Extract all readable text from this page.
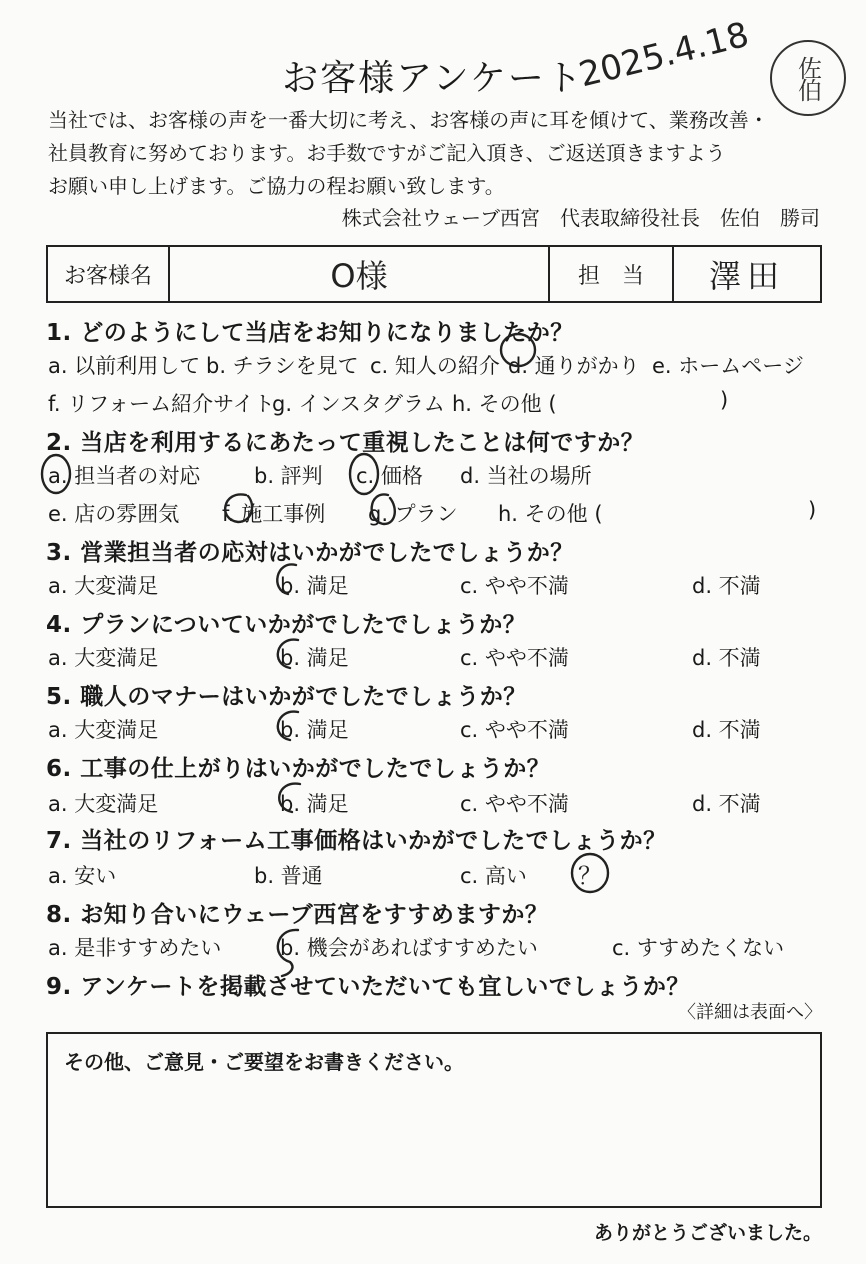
お客様アンケート
2025.4.18 佐伯
当社では、お客様の声を一番大切に考え、お客様の声に耳を傾けて、業務改善・
社員教育に努めております。お手数ですがご記入頂き、ご返送頂きますよう
お願い申し上げます。ご協力の程お願い致します。
株式会社ウェーブ西宮　代表取締役社長　佐伯　勝司
お客様名	O様	担　当	澤田
1. どのようにして当店をお知りになりましたか？
a. 以前利用して b. チラシを見て c. 知人の紹介 d. 通りがかり e. ホームページ
f. リフォーム紹介サイト
g. インスタグラム h. その他 (	)
2. 当店を利用するにあたって重視したことは何ですか？
a. 担当者の対応	b. 評判 c. 価格 d. 当社の場所
e. 店の雰囲気 f. 施工事例 g. プラン h. その他 (	)
3. 営業担当者の応対はいかがでしたでしょうか？
a. 大変満足	b. 満足	c. やや不満	d. 不満
4. プランについていかがでしたでしょうか？
a. 大変満足	b. 満足	c. やや不満	d. 不満
5. 職人のマナーはいかがでしたでしょうか？
a. 大変満足	b. 満足	c. やや不満	d. 不満
6. 工事の仕上がりはいかがでしたでしょうか？
a. 大変満足	b. 満足	c. やや不満	d. 不満
7. 当社のリフォーム工事価格はいかがでしたでしょうか？
a. 安い	b. 普通	c. 高い ？
8. お知り合いにウェーブ西宮をすすめますか？
a. 是非すすめたい	b. 機会があればすすめたい	c. すすめたくない
9. アンケートを掲載させていただいても宜しいでしょうか？
〈詳細は表面へ〉
その他、ご意見・ご要望をお書きください。
ありがとうございました。
